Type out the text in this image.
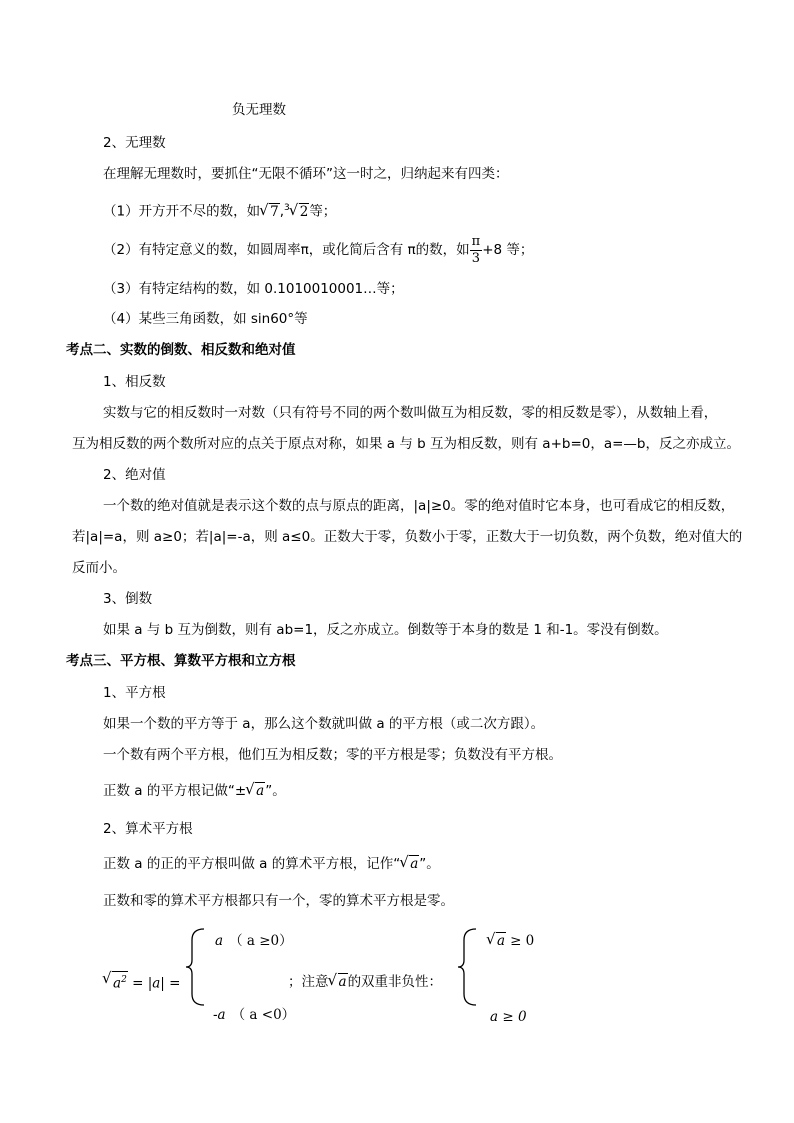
负无理数
2、无理数
在理解无理数时，要抓住“无限不循环”这一时之，归纳起来有四类：
（1）开方开不尽的数，如 √ 7,$^3$ √ 2等；
（2）有特定意义的数，如圆周率π，或化简后含有 π的数，如 $\frac{\pi}{3} +8$ 等；
（3）有特定结构的数，如 0.1010010001…等；
（4）某些三角函数，如 sin60°等
考点二、实数的倒数、相反数和绝对值
1、相反数
实数与它的相反数时一对数（只有符号不同的两个数叫做互为相反数，零的相反数是零），从数轴上看，
互为相反数的两个数所对应的点关于原点对称，如果 a 与 b 互为相反数，则有 a+b=0，a=—b，反之亦成立。
2、绝对值
一个数的绝对值就是表示这个数的点与原点的距离，|a|≥0。零的绝对值时它本身，也可看成它的相反数，
若|a|=a，则 a≥0；若|a|=-a，则 a≤0。正数大于零，负数小于零，正数大于一切负数，两个负数，绝对值大的
反而小。
3、倒数
如果 a 与 b 互为倒数，则有 ab=1，反之亦成立。倒数等于本身的数是 1 和-1。零没有倒数。
考点三、平方根、算数平方根和立方根
1、平方根
如果一个数的平方等于 a，那么这个数就叫做 a 的平方根（或二次方跟）。
一个数有两个平方根，他们互为相反数；零的平方根是零；负数没有平方根。
正数 a 的平方根记做“± √ a”。
2、算术平方根
正数 a 的正的平方根叫做 a 的算术平方根，记作“ √ a”。
正数和零的算术平方根都只有一个，零的算术平方根是零。
√ $a^2 = |a|$ =
a （ a ≥0）
-a （ a <0）
；注意 √ a的双重非负性：
√ a ≥ 0
a ≥ 0
